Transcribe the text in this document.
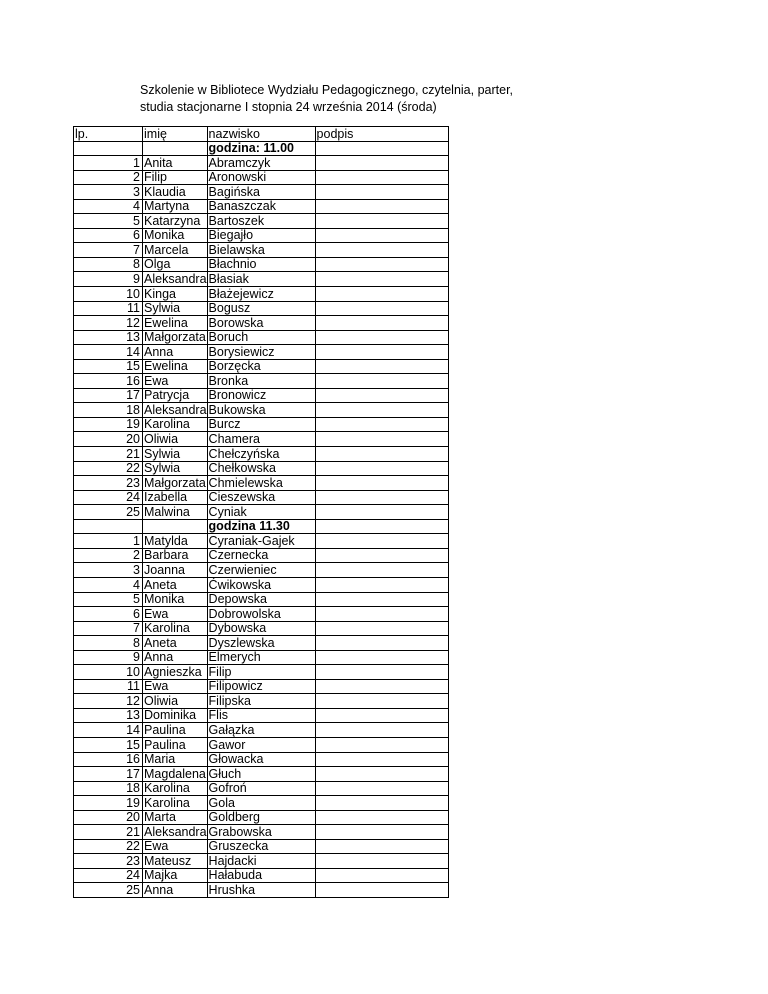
Szkolenie w Bibliotece Wydziału Pedagogicznego, czytelnia, parter,
studia stacjonarne I stopnia 24 września 2014 (środa)
lp.	imię	nazwisko	podpis
		godzina: 11.00	
1	Anita	Abramczyk	
2	Filip	Aronowski	
3	Klaudia	Bagińska	
4	Martyna	Banaszczak	
5	Katarzyna	Bartoszek	
6	Monika	Biegajło	
7	Marcela	Bielawska	
8	Olga	Błachnio	
9	Aleksandra	Błasiak	
10	Kinga	Błażejewicz	
11	Sylwia	Bogusz	
12	Ewelina	Borowska	
13	Małgorzata	Boruch	
14	Anna	Borysiewicz	
15	Ewelina	Borzęcka	
16	Ewa	Bronka	
17	Patrycja	Bronowicz	
18	Aleksandra	Bukowska	
19	Karolina	Burcz	
20	Oliwia	Chamera	
21	Sylwia	Chełczyńska	
22	Sylwia	Chełkowska	
23	Małgorzata	Chmielewska	
24	Izabella	Cieszewska	
25	Malwina	Cyniak	
		godzina 11.30	
1	Matylda	Cyraniak-Gajek	
2	Barbara	Czernecka	
3	Joanna	Czerwieniec	
4	Aneta	Ćwikowska	
5	Monika	Depowska	
6	Ewa	Dobrowolska	
7	Karolina	Dybowska	
8	Aneta	Dyszlewska	
9	Anna	Elmerych	
10	Agnieszka	Filip	
11	Ewa	Filipowicz	
12	Oliwia	Filipska	
13	Dominika	Flis	
14	Paulina	Gałązka	
15	Paulina	Gawor	
16	Maria	Głowacka	
17	Magdalena	Głuch	
18	Karolina	Gofroń	
19	Karolina	Gola	
20	Marta	Goldberg	
21	Aleksandra	Grabowska	
22	Ewa	Gruszecka	
23	Mateusz	Hajdacki	
24	Majka	Hałabuda	
25	Anna	Hrushka	
